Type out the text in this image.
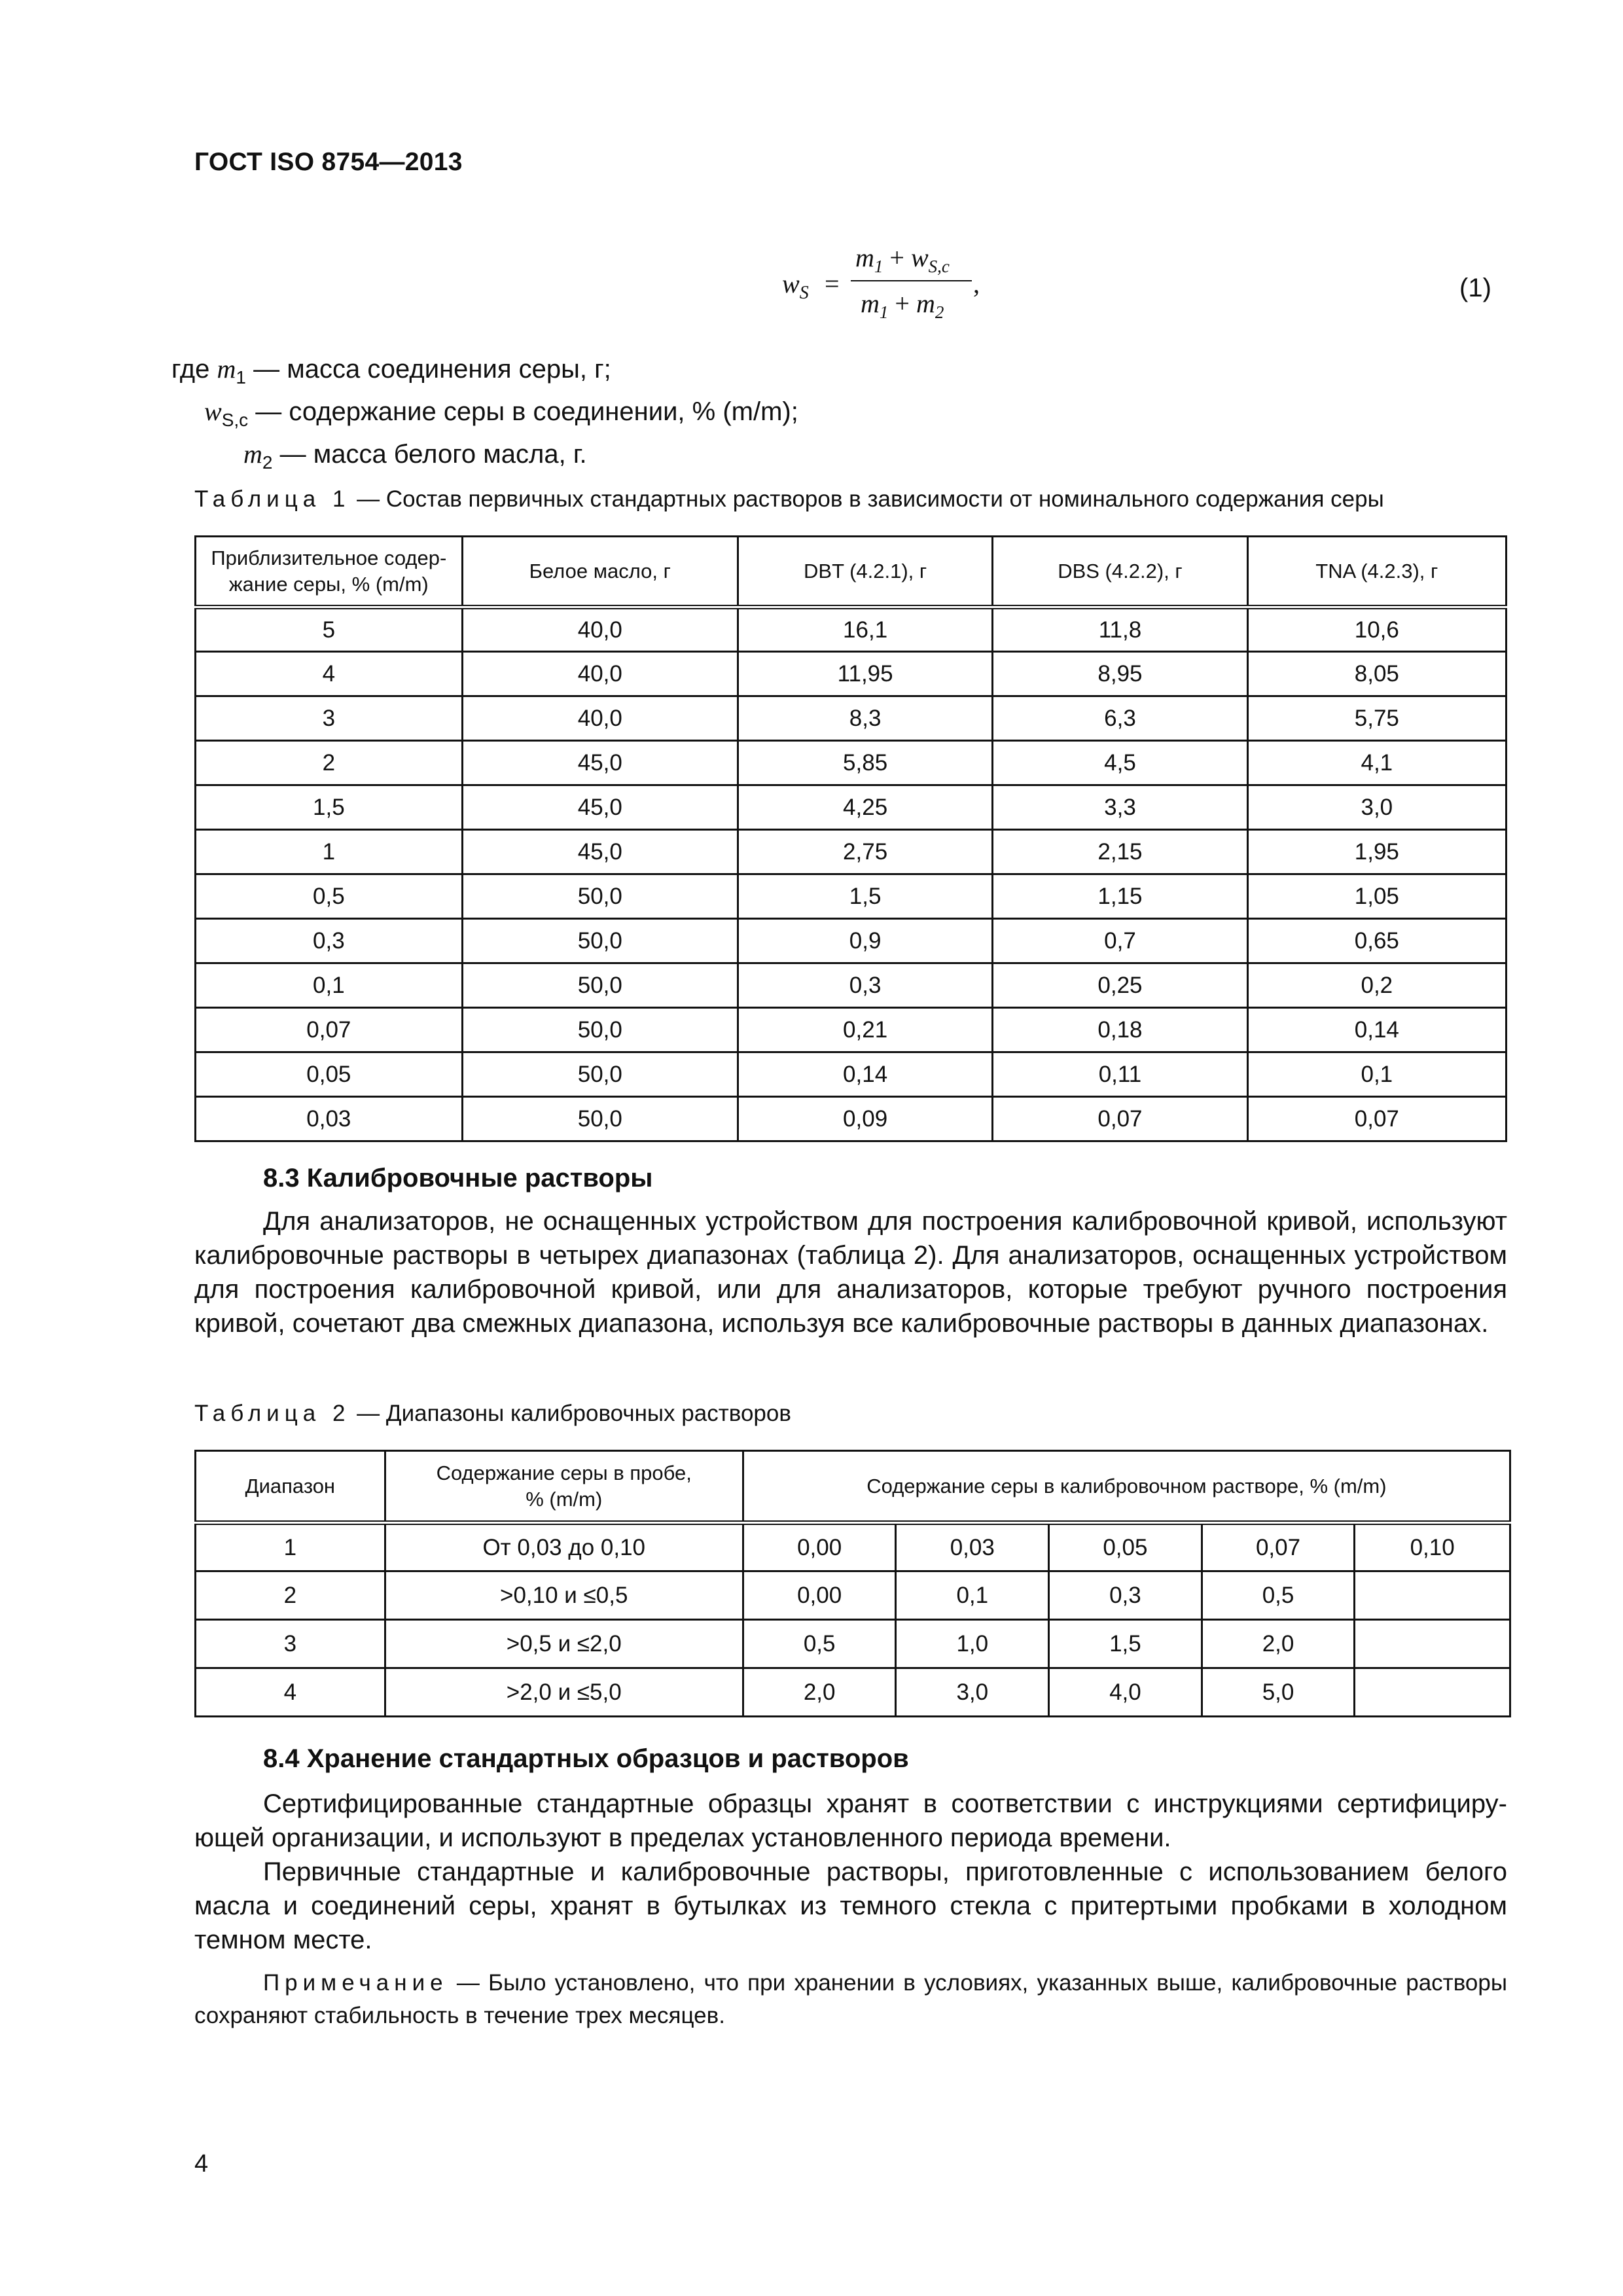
ГОСТ ISO 8754—2013
$w_S$ =
$m_1 + w_{S,c}$
$m_1 + m_2$
,	(1)
где $m_1$ — масса соединения серы, г;
$w_{S,c}$ — содержание серы в соединении, % (m/m);
$m_2$ — масса белого масла, г.
Таблица 1 — Состав первичных стандартных растворов в зависимости от номинального содержания серы
Приблизительное содер-
жание серы, % (m/m)	Белое масло, г	DBT (4.2.1), г	DBS (4.2.2), г	TNA (4.2.3), г
5	40,0	16,1	11,8	10,6
4	40,0	11,95	8,95	8,05
3	40,0	8,3	6,3	5,75
2	45,0	5,85	4,5	4,1
1,5	45,0	4,25	3,3	3,0
1	45,0	2,75	2,15	1,95
0,5	50,0	1,5	1,15	1,05
0,3	50,0	0,9	0,7	0,65
0,1	50,0	0,3	0,25	0,2
0,07	50,0	0,21	0,18	0,14
0,05	50,0	0,14	0,11	0,1
0,03	50,0	0,09	0,07	0,07
8.3 Калибровочные растворы

Для анализаторов, не оснащенных устройством для построения калибровочной кривой, используют калибровочные растворы в четырех диапазонах (таблица 2). Для анализаторов, оснащенных устройством для построения калибровочной кривой, или для анализаторов, которые требуют ручного построения кривой, сочетают два смежных диапазона, используя все калибровочные растворы в данных диапазонах.

Таблица 2 — Диапазоны калибровочных растворов
Диапазон	Содержание серы в пробе,
% (m/m)	Содержание серы в калибровочном растворе, % (m/m)				
1	От 0,03 до 0,10	0,00	0,03	0,05	0,07	0,10
2	>0,10 и ≤0,5	0,00	0,1	0,3	0,5	
3	>0,5 и ≤2,0	0,5	1,0	1,5	2,0	
4	>2,0 и ≤5,0	2,0	3,0	4,0	5,0	
8.4 Хранение стандартных образцов и растворов

Сертифицированные стандартные образцы хранят в соответствии с инструкциями сертифицирующей организации, и используют в пределах установленного периода времени.

Первичные стандартные и калибровочные растворы, приготовленные с использованием белого масла и соединений серы, хранят в бутылках из темного стекла с притертыми пробками в холодном темном месте.

Примечание — Было установлено, что при хранении в условиях, указанных выше, калибровочные растворы сохраняют стабильность в течение трех месяцев.

4
